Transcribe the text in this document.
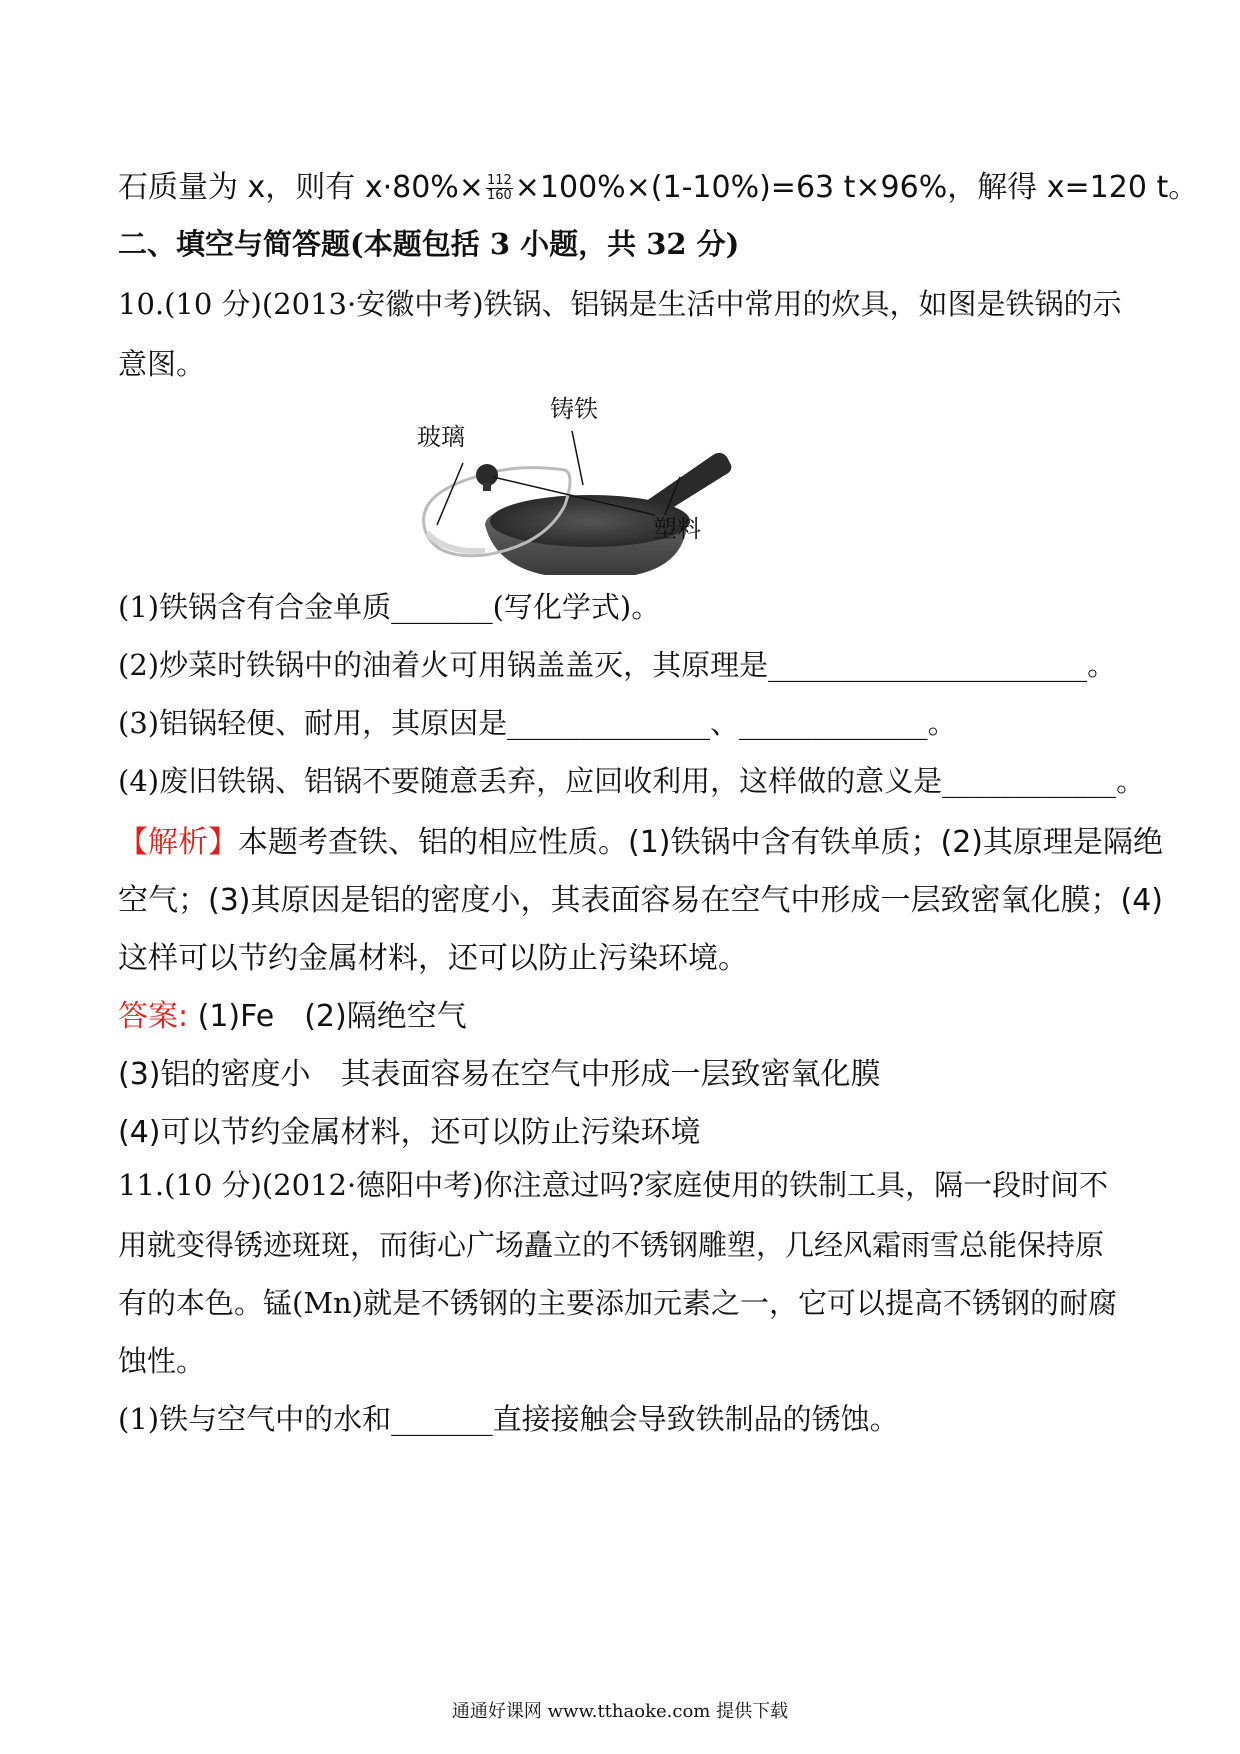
石质量为 x，则有 $x\cdot 80\%\times \frac{112}{160} \times 100\%\times(1-10\%)=63$ t×96%，解得 x=120 t。
二、填空与简答题(本题包括 3 小题，共 32 分)
10.(10 分)(2013·安徽中考)铁锅、铝锅是生活中常用的炊具，如图是铁锅的示
意图。
玻璃
铸铁
塑料
(1)铁锅含有合金单质_______(写化学式)。
(2)炒菜时铁锅中的油着火可用锅盖盖灭，其原理是______________________。
(3)铝锅轻便、耐用，其原因是______________、_____________。
(4)废旧铁锅、铝锅不要随意丢弃，应回收利用，这样做的意义是____________。
【解析】本题考查铁、铝的相应性质。(1)铁锅中含有铁单质；(2)其原理是隔绝
空气；(3)其原因是铝的密度小，其表面容易在空气中形成一层致密氧化膜；(4)
这样可以节约金属材料，还可以防止污染环境。
答案: (1)Fe　(2)隔绝空气
(3)铝的密度小　其表面容易在空气中形成一层致密氧化膜
(4)可以节约金属材料，还可以防止污染环境
11.(10 分)(2012·德阳中考)你注意过吗?家庭使用的铁制工具，隔一段时间不
用就变得锈迹斑斑，而街心广场矗立的不锈钢雕塑，几经风霜雨雪总能保持原
有的本色。锰(Mn)就是不锈钢的主要添加元素之一，它可以提高不锈钢的耐腐
蚀性。
(1)铁与空气中的水和_______直接接触会导致铁制品的锈蚀。
通通好课网 www.tthaoke.com 提供下载
